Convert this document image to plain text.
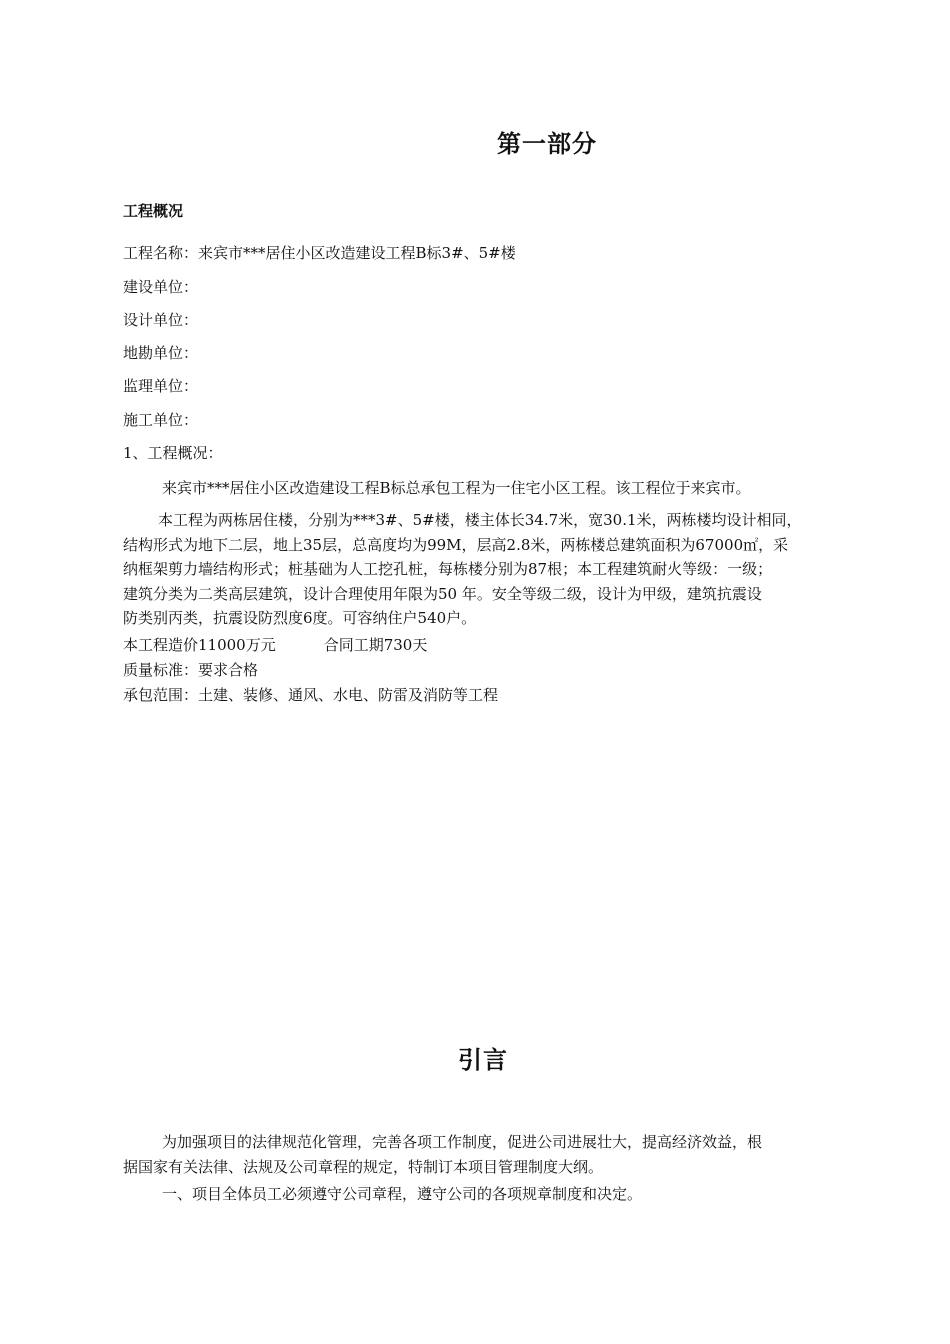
第一部分
工程概况
工程名称：来宾市***居住小区改造建设工程B标3#、5#楼
建设单位：
设计单位：
地勘单位：
监理单位：
施工单位：
1、工程概况：
来宾市***居住小区改造建设工程B标总承包工程为一住宅小区工程。该工程位于来宾市。
本工程为两栋居住楼，分别为***3#、5#楼，楼主体长34.7米，宽30.1米，两栋楼均设计相同，
结构形式为地下二层，地上35层，总高度均为99M，层高2.8米，两栋楼总建筑面积为67000㎡，采
纳框架剪力墙结构形式；桩基础为人工挖孔桩，每栋楼分别为87根；本工程建筑耐火等级：一级；
建筑分类为二类高层建筑，设计合理使用年限为50 年。安全等级二级，设计为甲级，建筑抗震设
防类别丙类，抗震设防烈度6度。可容纳住户540户。
本工程造价11000万元	合同工期730天
质量标准：要求合格
承包范围：土建、装修、通风、水电、防雷及消防等工程
引言
为加强项目的法律规范化管理，完善各项工作制度，促进公司进展壮大，提高经济效益，根
据国家有关法律、法规及公司章程的规定，特制订本项目管理制度大纲。
一、项目全体员工必须遵守公司章程，遵守公司的各项规章制度和决定。
